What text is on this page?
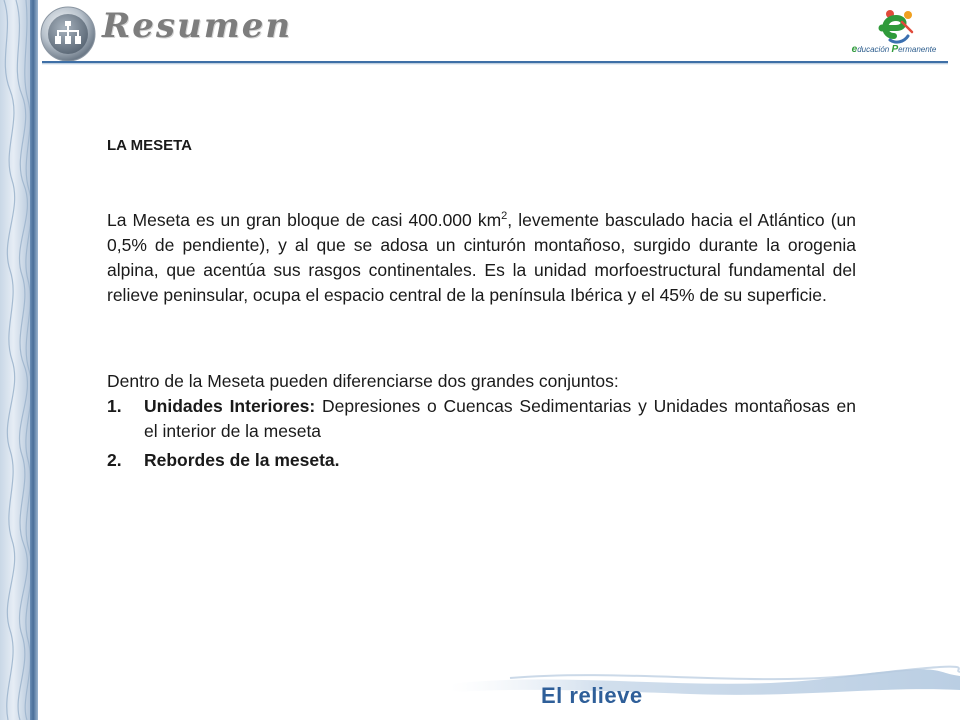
Resumen
educación Permanente
LA MESETA
La Meseta es un gran bloque de casi 400.000 $km^2$, levemente basculado hacia el Atlántico (un 0,5% de pendiente), y al que se adosa un cinturón montañoso, surgido durante la orogenia alpina, que acentúa sus rasgos continentales. Es la unidad morfoestructural fundamental del relieve peninsular, ocupa el espacio central de la península Ibérica y el 45% de su superficie.
Dentro de la Meseta pueden diferenciarse dos grandes conjuntos:
1. Unidades Interiores: Depresiones o Cuencas Sedimentarias y Unidades montañosas en el interior de la meseta
2. Rebordes de la meseta.
El relieve
